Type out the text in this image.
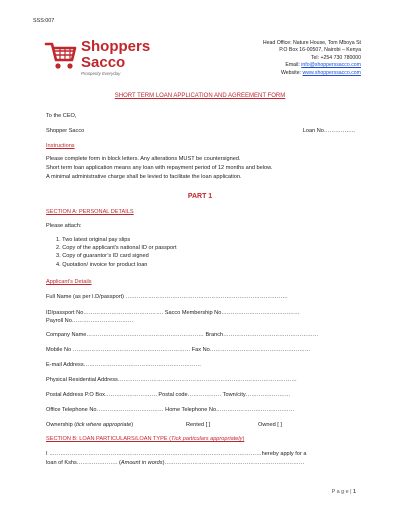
SSS:007
Shoppers
Sacco
Prosperity Everyday
Head Office: Nature House, Tom Mboya St
P.O Box 16-00507, Nairobi – Kenya
Tel: +254 730 780000
Email: info@shopperssacco.com
Website: www.shopperssacco.com
SHORT TERM LOAN APPLICATION AND AGREEMENT FORM
To the CEO,
Shopper Sacco	Loan No……………..
Instructions
Please complete form in block letters. Any alterations MUST be countersigned.
Short term loan application means any loan with repayment period of 12 months and below.
A minimal administrative charge shall be levied to facilitate the loan application.
PART 1
SECTION A: PERSONAL DETAILS
Please attach:
1. Two latest original pay slips
2. Copy of the applicant’s national ID or passport
3. Copy of guarantor’s ID card signed
4. Quotation/ invoice for product loan
Applicant’s Details
Full Name (as per I.D/passport) ……………………………………………………………………………
ID/passport No……………………………………. Sacco Membership No……………………………………
Payroll No……………………………
Company Name……………………………………………………… Branch……………………………………………
Mobile No ……………………………………………………… Fax No………………………………………………
E-mail Address………………………………………………………
Physical Residential Address……………………………………………………………………………………
Postal Address P.O Box………………………. Postal code……………… Town/city……………………
Office Telephone No……………………………… Home Telephone No……………………………………
Ownership (tick where appropriate)	Rented [ ]	Owned [ ]
SECTION B: LOAN PARTICULARS/LOAN TYPE (Tick particulars appropriately)
I ……………………………………………………………………………………………………hereby apply for a
loan of Kshs…………………. (Amount in words)…………………………………………………………………
P a g e | 1
